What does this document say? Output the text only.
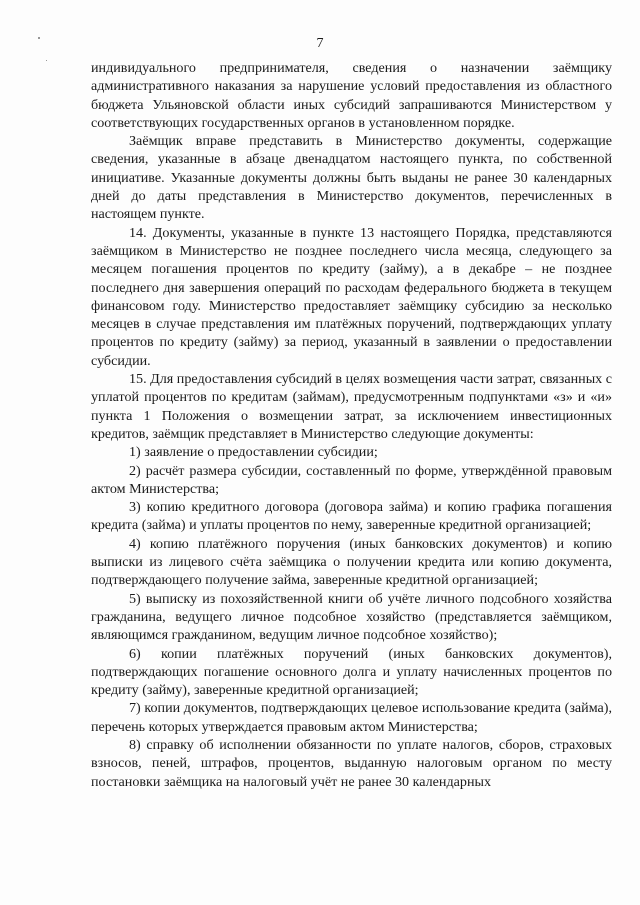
7

индивидуального предпринимателя, сведения о назначении заёмщику административного наказания за нарушение условий предоставления из областного бюджета Ульяновской области иных субсидий запрашиваются Министерством у соответствующих государственных органов в установленном порядке.

Заёмщик вправе представить в Министерство документы, содержащие сведения, указанные в абзаце двенадцатом настоящего пункта, по собственной инициативе. Указанные документы должны быть выданы не ранее 30 календарных дней до даты представления в Министерство документов, перечисленных в настоящем пункте.

14. Документы, указанные в пункте 13 настоящего Порядка, представляются заёмщиком в Министерство не позднее последнего числа месяца, следующего за месяцем погашения процентов по кредиту (займу), а в декабре – не позднее последнего дня завершения операций по расходам федерального бюджета в текущем финансовом году. Министерство предоставляет заёмщику субсидию за несколько месяцев в случае представления им платёжных поручений, подтверждающих уплату процентов по кредиту (займу) за период, указанный в заявлении о предоставлении субсидии.

15. Для предоставления субсидий в целях возмещения части затрат, связанных с уплатой процентов по кредитам (займам), предусмотренным подпунктами «з» и «и» пункта 1 Положения о возмещении затрат, за исключением инвестиционных кредитов, заёмщик представляет в Министерство следующие документы:

1) заявление о предоставлении субсидии;

2) расчёт размера субсидии, составленный по форме, утверждённой правовым актом Министерства;

3) копию кредитного договора (договора займа) и копию графика погашения кредита (займа) и уплаты процентов по нему, заверенные кредитной организацией;

4) копию платёжного поручения (иных банковских документов) и копию выписки из лицевого счёта заёмщика о получении кредита или копию документа, подтверждающего получение займа, заверенные кредитной организацией;

5) выписку из похозяйственной книги об учёте личного подсобного хозяйства гражданина, ведущего личное подсобное хозяйство (представляется заёмщиком, являющимся гражданином, ведущим личное подсобное хозяйство);

6) копии платёжных поручений (иных банковских документов), подтверждающих погашение основного долга и уплату начисленных процентов по кредиту (займу), заверенные кредитной организацией;

7) копии документов, подтверждающих целевое использование кредита (займа), перечень которых утверждается правовым актом Министерства;

8) справку об исполнении обязанности по уплате налогов, сборов, страховых взносов, пеней, штрафов, процентов, выданную налоговым органом по месту постановки заёмщика на налоговый учёт не ранее 30 календарных
